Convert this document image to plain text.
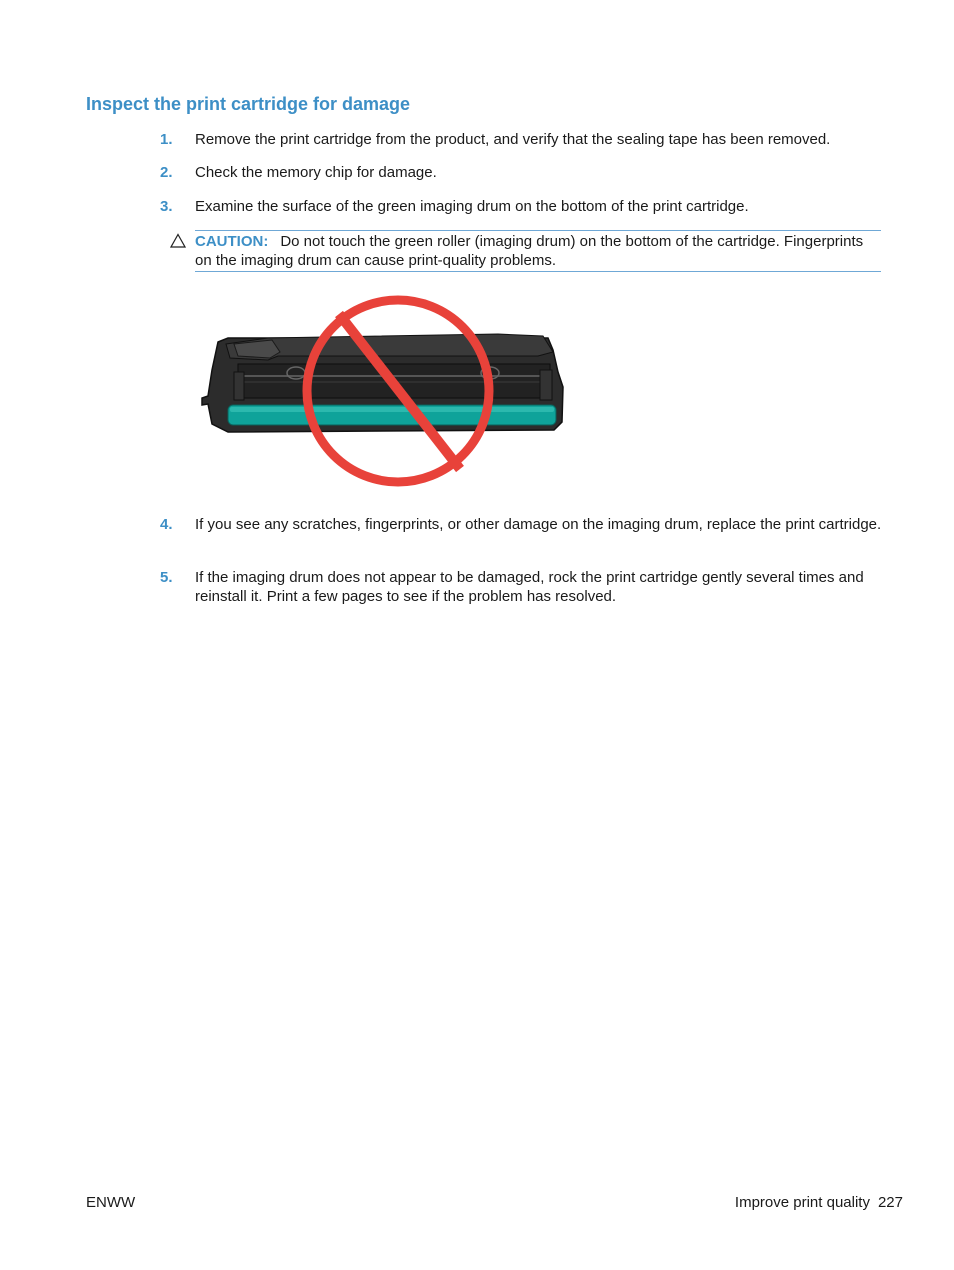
Inspect the print cartridge for damage
1. Remove the print cartridge from the product, and verify that the sealing tape has been removed.
2. Check the memory chip for damage.
3. Examine the surface of the green imaging drum on the bottom of the print cartridge.
CAUTION: Do not touch the green roller (imaging drum) on the bottom of the cartridge. Fingerprints on the imaging drum can cause print-quality problems.
4. If you see any scratches, fingerprints, or other damage on the imaging drum, replace the print cartridge.
5. If the imaging drum does not appear to be damaged, rock the print cartridge gently several times and reinstall it. Print a few pages to see if the problem has resolved.
ENWW	Improve print quality 227
